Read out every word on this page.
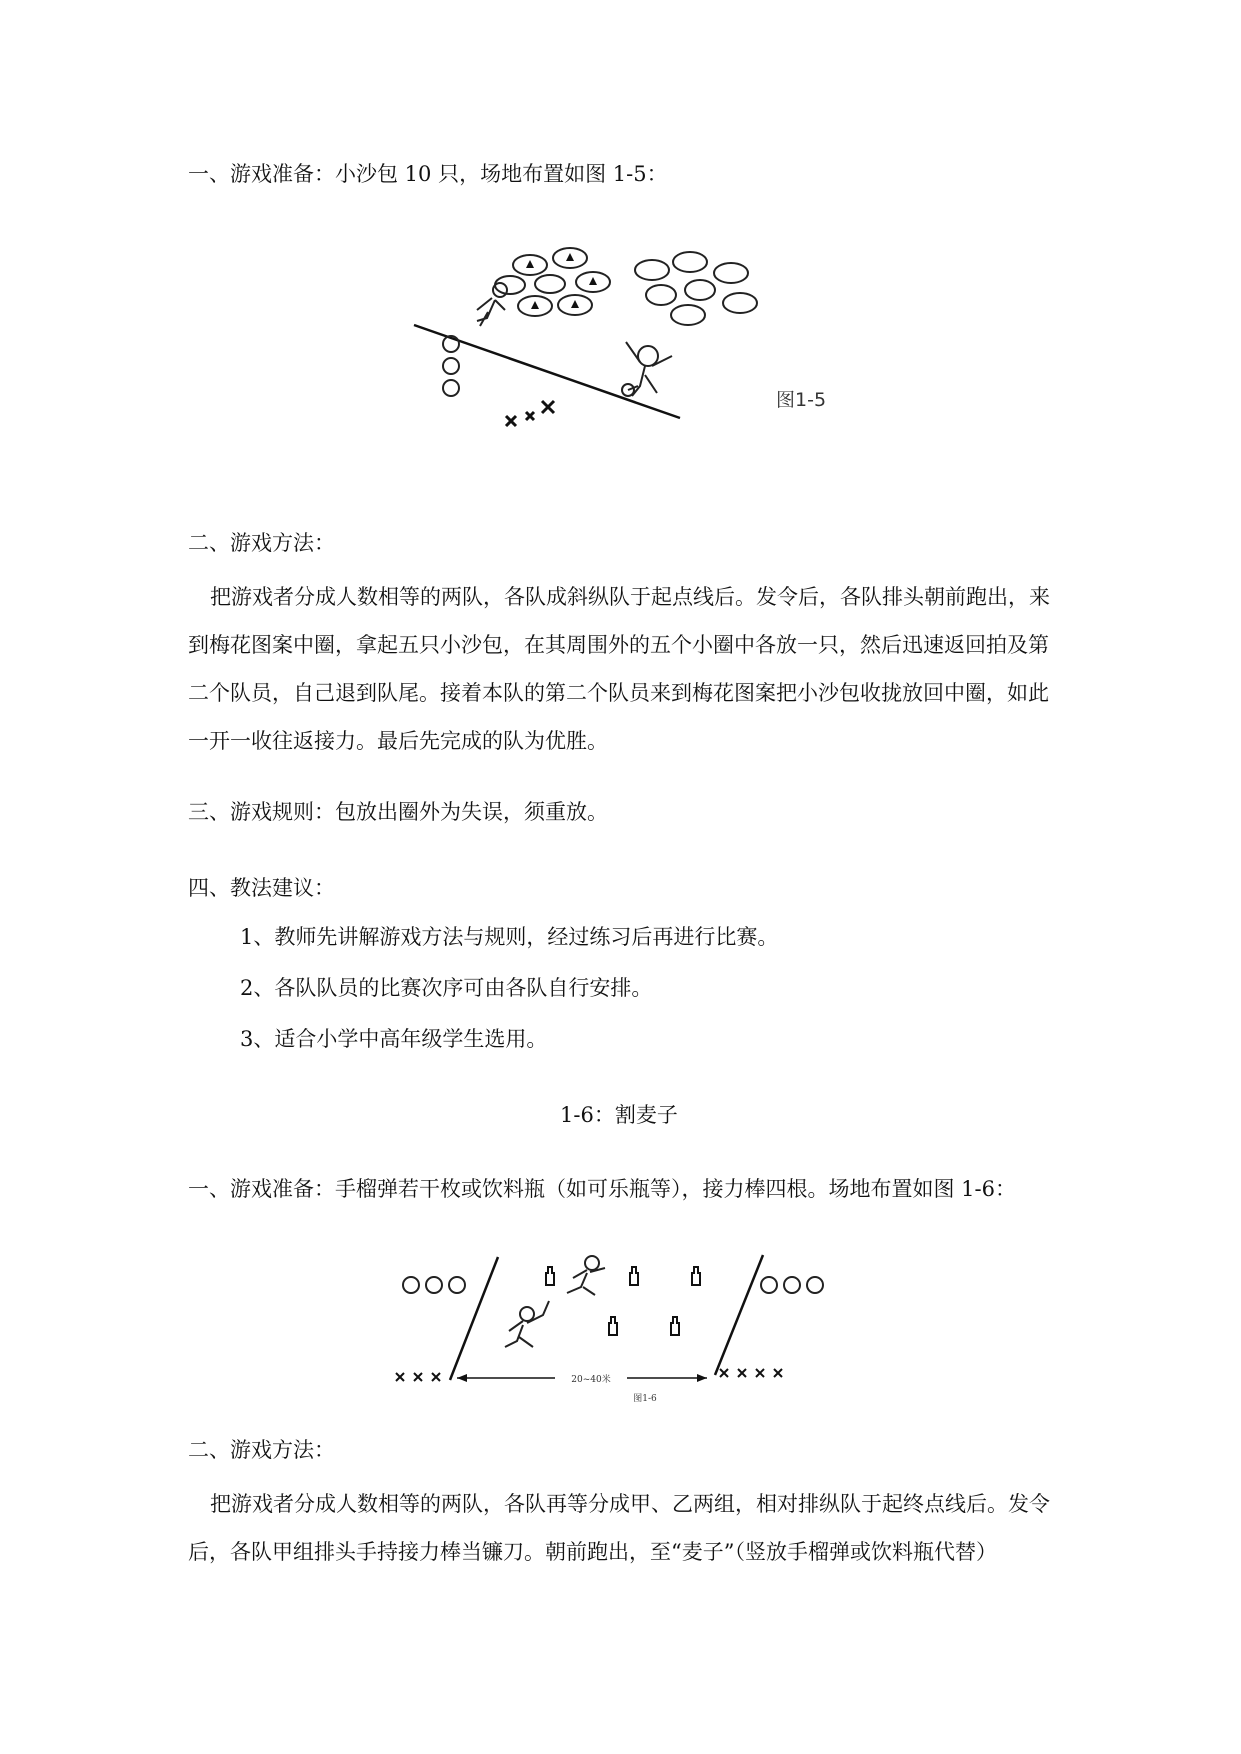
一、游戏准备：小沙包 10 只，场地布置如图 1-5：
图1-5
二、游戏方法：
把游戏者分成人数相等的两队，各队成斜纵队于起点线后。发令后，各队排头朝前跑出，来到梅花图案中圈，拿起五只小沙包，在其周围外的五个小圈中各放一只，然后迅速返回拍及第二个队员，自己退到队尾。接着本队的第二个队员来到梅花图案把小沙包收拢放回中圈，如此一开一收往返接力。最后先完成的队为优胜。
三、游戏规则：包放出圈外为失误，须重放。
四、教法建议：
1、教师先讲解游戏方法与规则，经过练习后再进行比赛。
2、各队队员的比赛次序可由各队自行安排。
3、适合小学中高年级学生选用。
1-6：割麦子
一、游戏准备：手榴弹若干枚或饮料瓶（如可乐瓶等），接力棒四根。场地布置如图 1-6：
20~40米
图1-6
二、游戏方法：
把游戏者分成人数相等的两队，各队再等分成甲、乙两组，相对排纵队于起终点线后。发令后，各队甲组排头手持接力棒当镰刀。朝前跑出，至“麦子”（竖放手榴弹或饮料瓶代替）
